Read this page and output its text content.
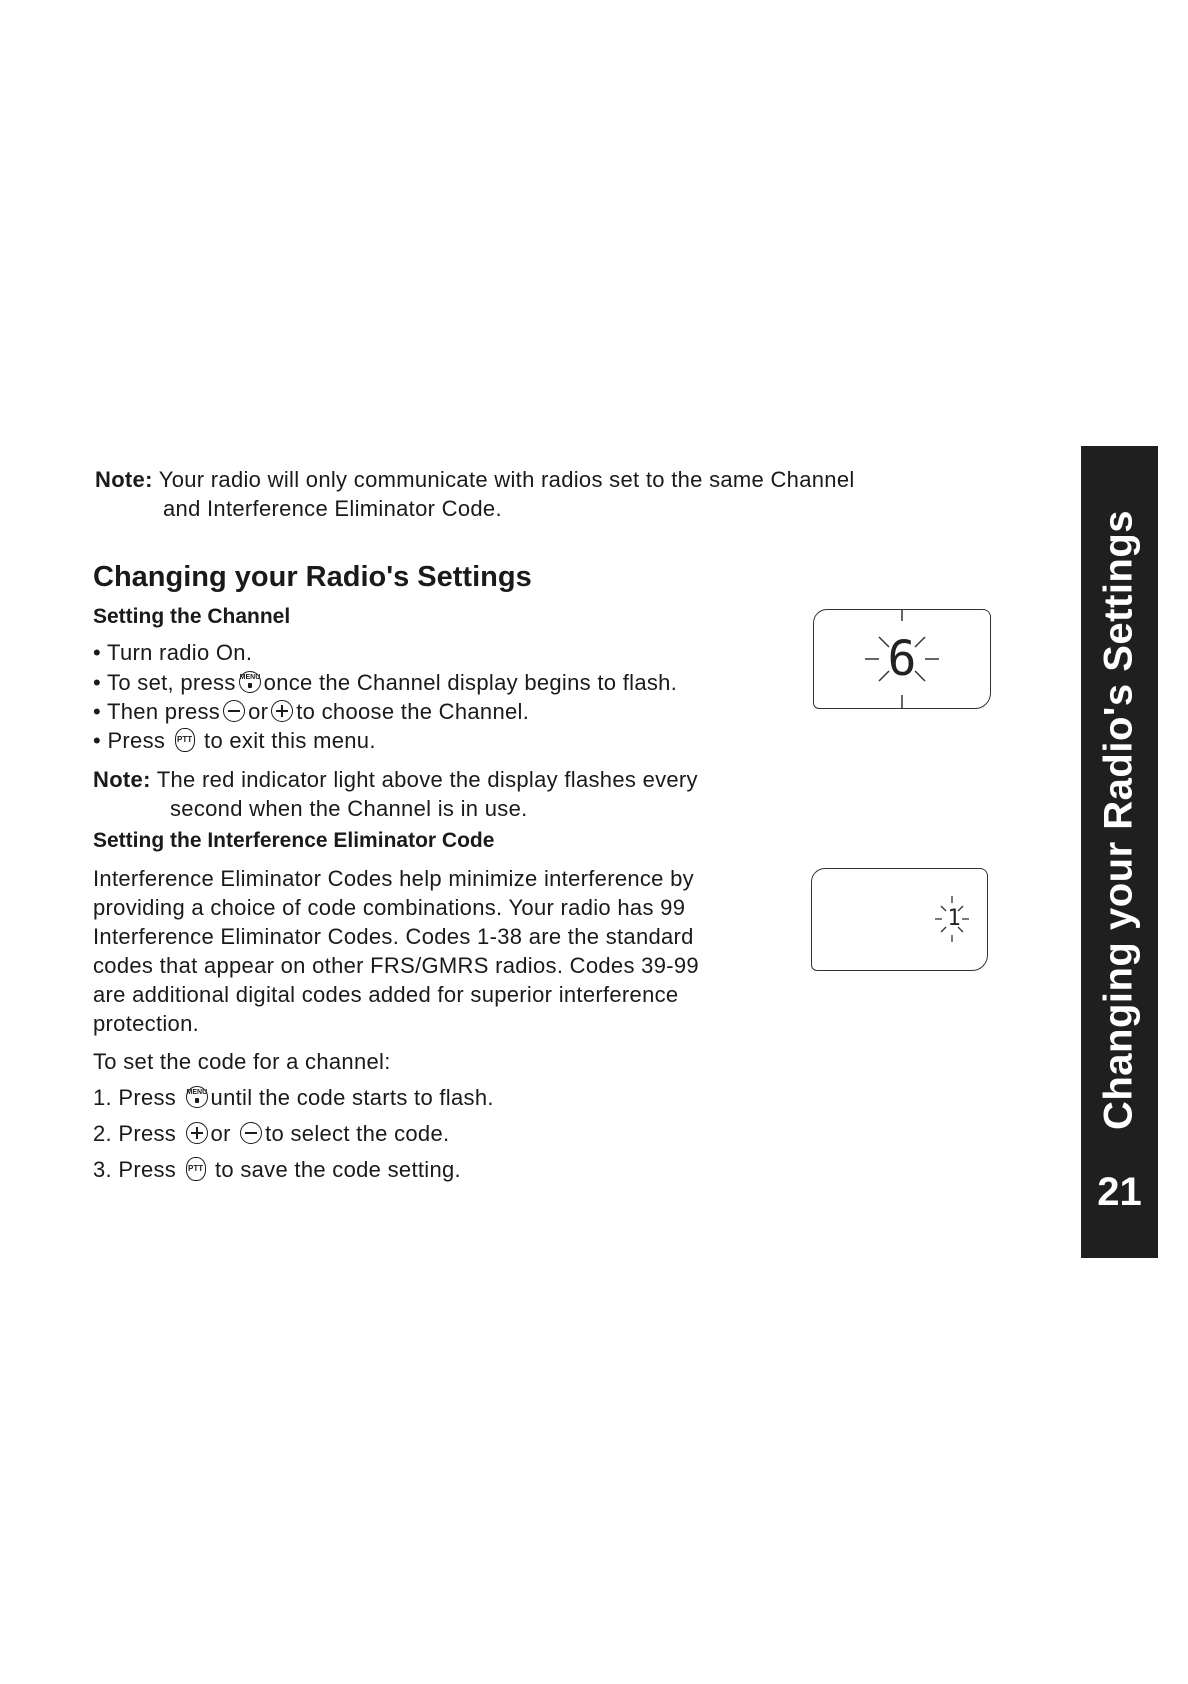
Note: Your radio will only communicate with radios set to the same Channel
and Interference Eliminator Code.
Changing your Radio's Settings
Setting the Channel
• Turn radio On.
• To set, press MENU once the Channel display begins to flash.
• Then press or to choose the Channel.
• Press PTT to exit this menu.
Note: The red indicator light above the display flashes every
second when the Channel is in use.
6
Setting the Interference Eliminator Code
Interference Eliminator Codes help minimize interference by
providing a choice of code combinations. Your radio has 99
Interference Eliminator Codes. Codes 1-38 are the standard
codes that appear on other FRS/GMRS radios. Codes 39-99
are additional digital codes added for superior interference
protection.
To set the code for a channel:
1. Press MENU until the code starts to flash.
2. Press or to select the code.
3. Press PTT to save the code setting.
1	Changing your Radio's Settings
21
